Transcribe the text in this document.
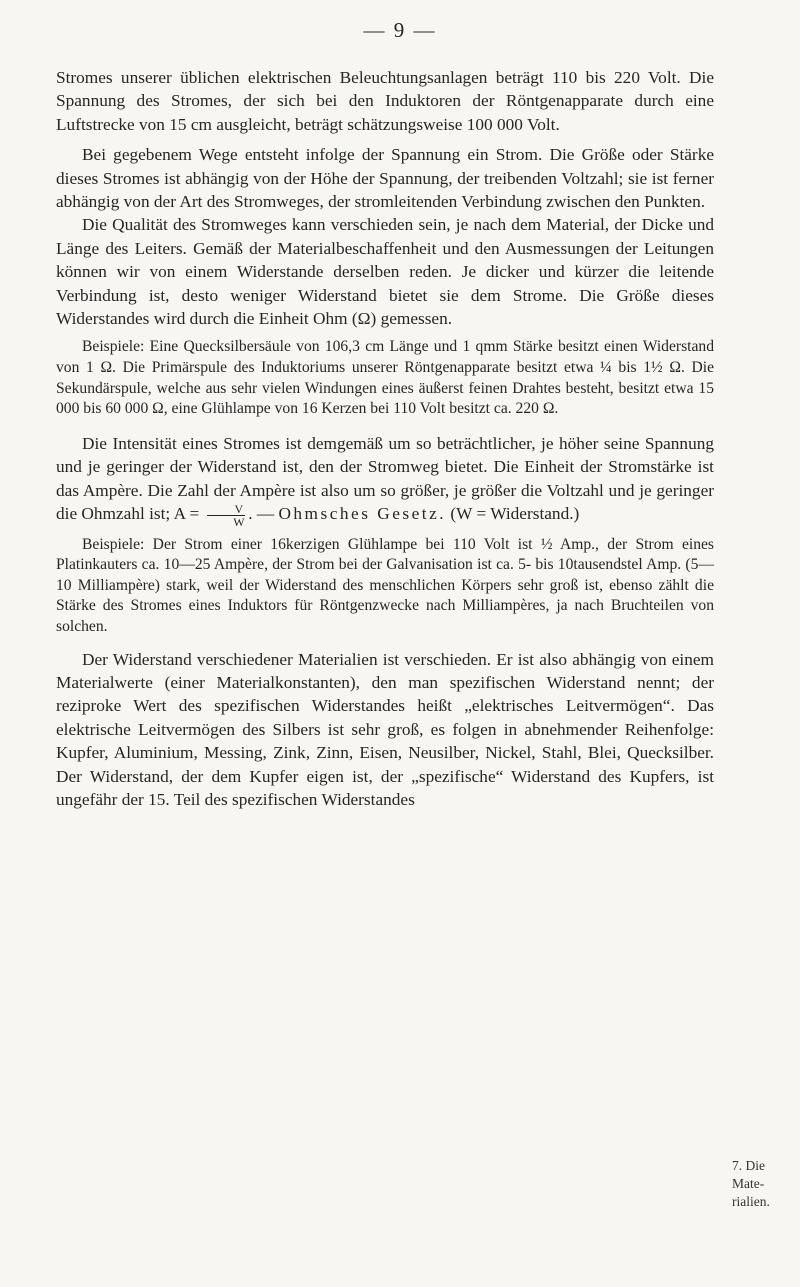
— 9 —

Stromes unserer üblichen elektrischen Beleuchtungsanlagen beträgt 110 bis 220 Volt. Die Spannung des Stromes, der sich bei den Induktoren der Röntgenapparate durch eine Luftstrecke von 15 cm ausgleicht, beträgt schätzungsweise 100 000 Volt.

Bei gegebenem Wege entsteht infolge der Spannung ein Strom. Die Größe oder Stärke dieses Stromes ist abhängig von der Höhe der Spannung, der treibenden Voltzahl; sie ist ferner abhängig von der Art des Stromweges, der stromleitenden Verbindung zwischen den Punkten.

Die Qualität des Stromweges kann verschieden sein, je nach dem Material, der Dicke und Länge des Leiters. Gemäß der Materialbeschaffenheit und den Ausmessungen der Leitungen können wir von einem Widerstande derselben reden. Je dicker und kürzer die leitende Verbindung ist, desto weniger Widerstand bietet sie dem Strome. Die Größe dieses Widerstandes wird durch die Einheit Ohm (Ω) gemessen.

Beispiele: Eine Quecksilbersäule von 106,3 cm Länge und 1 qmm Stärke besitzt einen Widerstand von 1 Ω. Die Primärspule des Induktoriums unserer Röntgenapparate besitzt etwa ¼ bis 1½ Ω. Die Sekundärspule, welche aus sehr vielen Windungen eines äußerst feinen Drahtes besteht, besitzt etwa 15 000 bis 60 000 Ω, eine Glühlampe von 16 Kerzen bei 110 Volt besitzt ca. 220 Ω.

Die Intensität eines Stromes ist demgemäß um so beträchtlicher, je höher seine Spannung und je geringer der Widerstand ist, den der Stromweg bietet. Die Einheit der Stromstärke ist das Ampère. Die Zahl der Ampère ist also um so größer, je größer die Voltzahl und je geringer die Ohmzahl ist; $A = \frac{V}{W}$ . — Ohmsches Gesetz. (W = Widerstand.)

Beispiele: Der Strom einer 16kerzigen Glühlampe bei 110 Volt ist ½ Amp., der Strom eines Platinkauters ca. 10—25 Ampère, der Strom bei der Galvanisation ist ca. 5- bis 10tausendstel Amp. (5—10 Milliampère) stark, weil der Widerstand des menschlichen Körpers sehr groß ist, ebenso zählt die Stärke des Stromes eines Induktors für Röntgenzwecke nach Milliampères, ja nach Bruchteilen von solchen.

Der Widerstand verschiedener Materialien ist verschieden. Er ist also abhängig von einem Materialwerte (einer Materialkonstanten), den man spezifischen Widerstand nennt; der reziproke Wert des spezifischen Widerstandes heißt „elektrisches Leitvermögen“. Das elektrische Leitvermögen des Silbers ist sehr groß, es folgen in abnehmender Reihenfolge: Kupfer, Aluminium, Messing, Zink, Zinn, Eisen, Neusilber, Nickel, Stahl, Blei, Quecksilber. Der Widerstand, der dem Kupfer eigen ist, der „spezifische“ Widerstand des Kupfers, ist ungefähr der 15. Teil des spezifischen Widerstandes

7. Die Mate- rialien.
